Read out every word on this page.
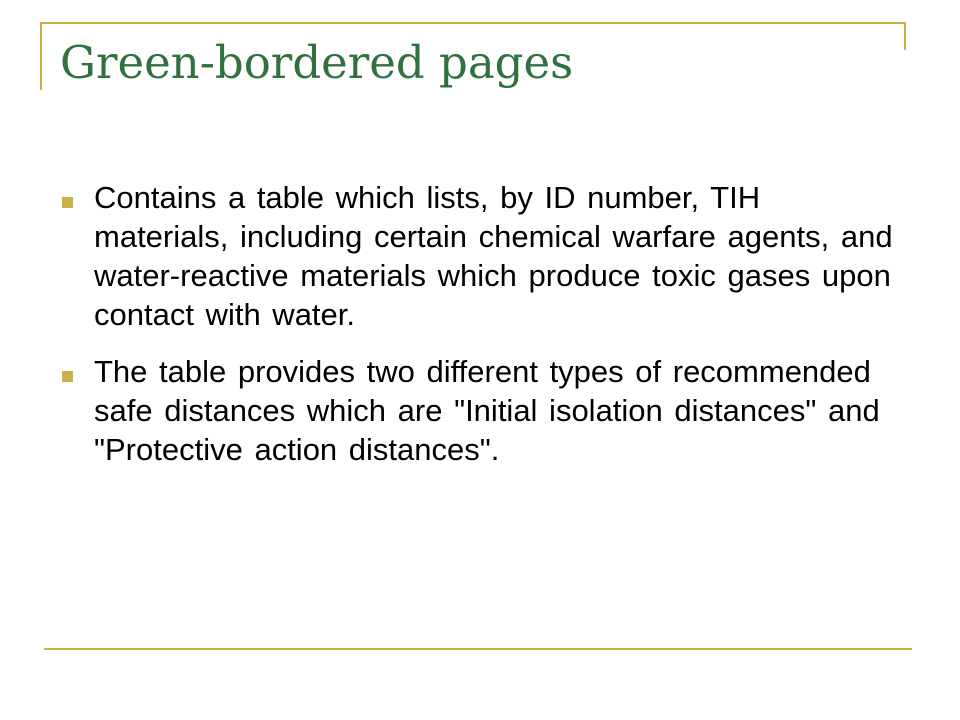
Green-bordered pages
Contains a table which lists, by ID number, TIH materials, including certain chemical warfare agents, and water-reactive materials which produce toxic gases upon contact with water.
The table provides two different types of recommended safe distances which are "Initial isolation distances" and "Protective action distances".
